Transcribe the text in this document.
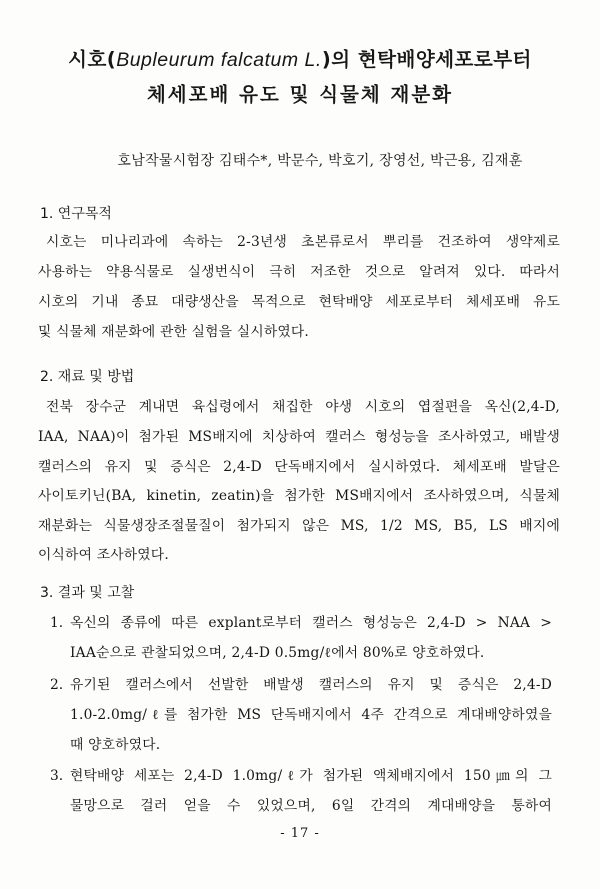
시호(Bupleurum falcatum L.)의 현탁배양세포로부터
체세포배 유도 및 식물체 재분화
호남작물시험장 김태수*, 박문수, 박호기, 장영선, 박근용, 김재훈
1. 연구목적
시호는 미나리과에 속하는 2-3년생 초본류로서 뿌리를 건조하여 생약제로
사용하는 약용식물로 실생번식이 극히 저조한 것으로 알려져 있다. 따라서
시호의 기내 종묘 대량생산을 목적으로 현탁배양 세포로부터 체세포배 유도
및 식물체 재분화에 관한 실험을 실시하였다.
2. 재료 및 방법
전북 장수군 계내면 육십령에서 채집한 야생 시호의 엽절편을 옥신(2,4-D,
IAA, NAA)이 첨가된 MS배지에 치상하여 캘러스 형성능을 조사하였고, 배발생
캘러스의 유지 및 증식은 2,4-D 단독배지에서 실시하였다. 체세포배 발달은
사이토키닌(BA, kinetin, zeatin)을 첨가한 MS배지에서 조사하였으며, 식물체
재분화는 식물생장조절물질이 첨가되지 않은 MS, 1/2 MS, B5, LS 배지에
이식하여 조사하였다.
3. 결과 및 고찰
1. 옥신의 종류에 따른 explant로부터 캘러스 형성능은 2,4-D > NAA >
IAA순으로 관찰되었으며, 2,4-D 0.5mg/ℓ에서 80%로 양호하였다.
2. 유기된 캘러스에서 선발한 배발생 캘러스의 유지 및 증식은 2,4-D
1.0-2.0mg/ℓ를 첨가한 MS 단독배지에서 4주 간격으로 계대배양하였을
때 양호하였다.
3. 현탁배양 세포는 2,4-D 1.0mg/ℓ가 첨가된 액체배지에서 150㎛의 그
물망으로 걸러 얻을 수 있었으며, 6일 간격의 계대배양을 통하여
- 17 -
